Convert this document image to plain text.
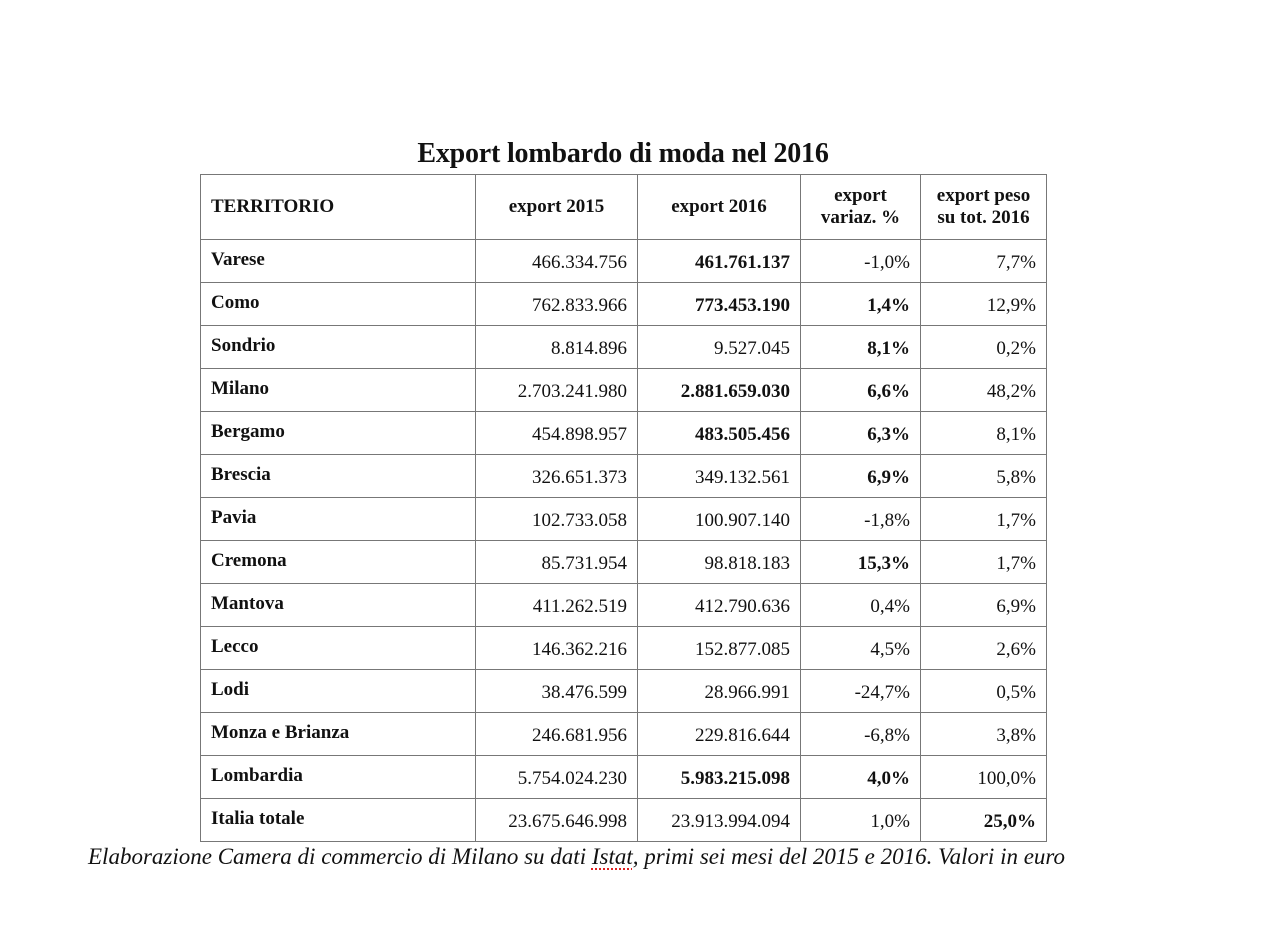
Export lombardo di moda nel 2016
TERRITORIO	export 2015	export 2016	export variaz. %	export peso su tot. 2016
Varese	466.334.756	461.761.137	-1,0%	7,7%
Como	762.833.966	773.453.190	1,4%	12,9%
Sondrio	8.814.896	9.527.045	8,1%	0,2%
Milano	2.703.241.980	2.881.659.030	6,6%	48,2%
Bergamo	454.898.957	483.505.456	6,3%	8,1%
Brescia	326.651.373	349.132.561	6,9%	5,8%
Pavia	102.733.058	100.907.140	-1,8%	1,7%
Cremona	85.731.954	98.818.183	15,3%	1,7%
Mantova	411.262.519	412.790.636	0,4%	6,9%
Lecco	146.362.216	152.877.085	4,5%	2,6%
Lodi	38.476.599	28.966.991	-24,7%	0,5%
Monza e Brianza	246.681.956	229.816.644	-6,8%	3,8%
Lombardia	5.754.024.230	5.983.215.098	4,0%	100,0%
Italia totale	23.675.646.998	23.913.994.094	1,0%	25,0%
Elaborazione Camera di commercio di Milano su dati Istat, primi sei mesi del 2015 e 2016. Valori in euro
